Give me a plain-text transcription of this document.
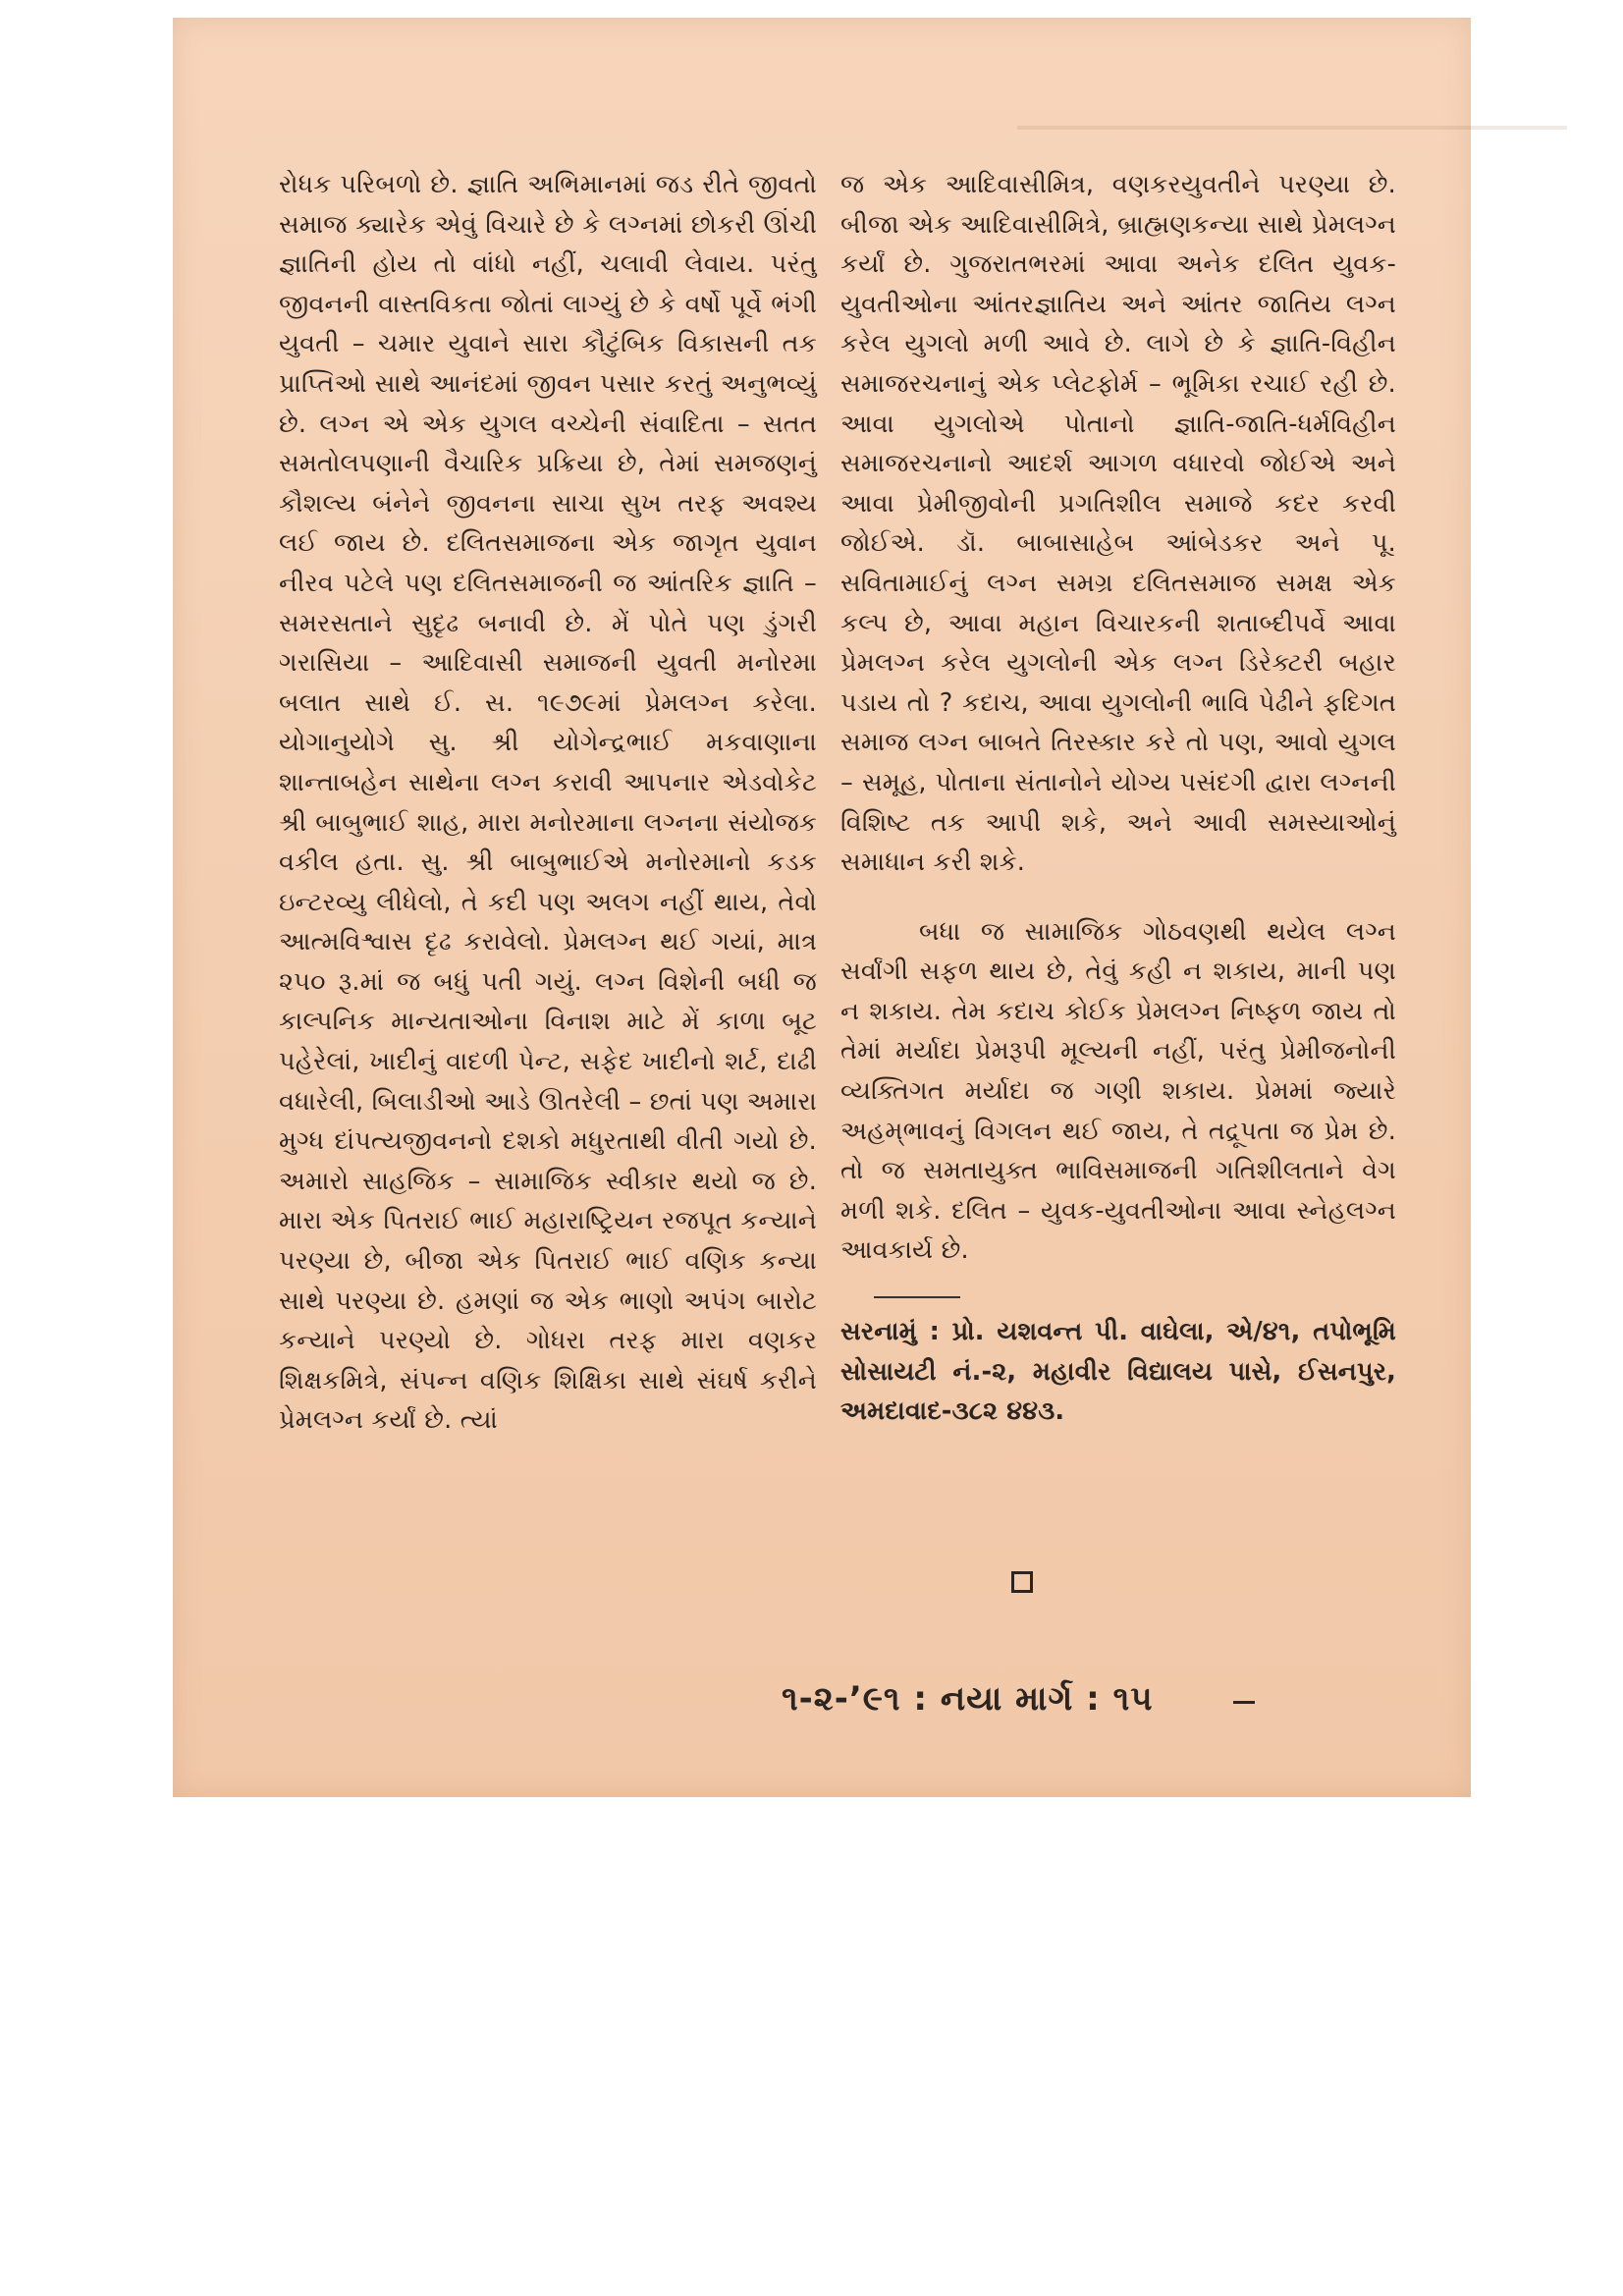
રોધક પરિબળો છે. જ્ઞાતિ અભિમાનમાં જડ રીતે જીવતો સમાજ ક્યારેક એવું વિચારે છે કે લગ્નમાં છોકરી ઊંચી જ્ઞાતિની હોય તો વાંધો નહીં, ચલાવી લેવાય. પરંતુ જીવનની વાસ્તવિકતા જોતાં લાગ્યું છે કે વર્ષો પૂર્વે ભંગી યુવતી – ચમાર યુવાને સારા કૌટુંબિક વિકાસની તક પ્રાપ્તિઓ સાથે આનંદમાં જીવન પસાર કરતું અનુભવ્યું છે. લગ્ન એ એક યુગલ વચ્ચેની સંવાદિતા – સતત સમતોલપણાની વૈચારિક પ્રક્રિયા છે, તેમાં સમજણનું કૌશલ્ય બંનેને જીવનના સાચા સુખ તરફ અવશ્ય લઈ જાય છે. દલિતસમાજના એક જાગૃત યુવાન નીરવ પટેલે પણ દલિતસમાજની જ આંતરિક જ્ઞાતિ – સમરસતાને સુદૃઢ બનાવી છે. મેં પોતે પણ ડુંગરી ગરાસિયા – આદિવાસી સમાજની યુવતી મનોરમા બલાત સાથે ઈ. સ. ૧૯૭૯માં પ્રેમલગ્ન કરેલા. યોગાનુયોગે સુ. શ્રી યોગેન્દ્રભાઈ મકવાણાના શાન્તાબહેન સાથેના લગ્ન કરાવી આપનાર એડવોકેટ શ્રી બાબુભાઈ શાહ, મારા મનોરમાના લગ્નના સંયોજક વકીલ હતા. સુ. શ્રી બાબુભાઈએ મનોરમાનો કડક ઇન્ટરવ્યુ લીધેલો, તે કદી પણ અલગ નહીં થાય, તેવો આત્મવિશ્વાસ દૃઢ કરાવેલો. પ્રેમલગ્ન થઈ ગયાં, માત્ર ૨૫૦ રૂ.માં જ બધું પતી ગયું. લગ્ન વિશેની બધી જ કાલ્પનિક માન્યતાઓના વિનાશ માટે મેં કાળા બૂટ પહેરેલાં, ખાદીનું વાદળી પેન્ટ, સફેદ ખાદીનો શર્ટ, દાઢી વધારેલી, બિલાડીઓ આડે ઊતરેલી – છતાં પણ અમારા મુગ્ધ દાંપત્યજીવનનો દશકો મધુરતાથી વીતી ગયો છે. અમારો સાહજિક – સામાજિક સ્વીકાર થયો જ છે. મારા એક પિતરાઈ ભાઈ મહારાષ્ટ્રિયન રજપૂત કન્યાને પરણ્યા છે, બીજા એક પિતરાઈ ભાઈ વણિક કન્યા સાથે પરણ્યા છે. હમણાં જ એક ભાણો અપંગ બારોટ કન્યાને પરણ્યો છે. ગોધરા તરફ મારા વણકર શિક્ષકમિત્રે, સંપન્ન વણિક શિક્ષિકા સાથે સંઘર્ષ કરીને પ્રેમલગ્ન કર્યાં છે. ત્યાં

જ એક આદિવાસીમિત્ર, વણકરયુવતીને પરણ્યા છે. બીજા એક આદિવાસીમિત્રે, બ્રાહ્મણકન્યા સાથે પ્રેમલગ્ન કર્યાં છે. ગુજરાતભરમાં આવા અનેક દલિત યુવક-યુવતીઓના આંતરજ્ઞાતિય અને આંતર જાતિય લગ્ન કરેલ યુગલો મળી આવે છે. લાગે છે કે જ્ઞાતિ-વિહીન સમાજરચનાનું એક પ્લેટફોર્મ – ભૂમિકા રચાઈ રહી છે. આવા યુગલોએ પોતાનો જ્ઞાતિ-જાતિ-ધર્મવિહીન સમાજરચનાનો આદર્શ આગળ વધારવો જોઈએ અને આવા પ્રેમીજીવોની પ્રગતિશીલ સમાજે કદર કરવી જોઈએ. ડૉ. બાબાસાહેબ આંબેડકર અને પૂ. સવિતામાઈનું લગ્ન સમગ્ર દલિતસમાજ સમક્ષ એક કલ્પ છે, આવા મહાન વિચારકની શતાબ્દીપર્વે આવા પ્રેમલગ્ન કરેલ યુગલોની એક લગ્ન ડિરેક્ટરી બહાર પડાય તો ? કદાચ, આવા યુગલોની ભાવિ પેઢીને ફદિગત સમાજ લગ્ન બાબતે તિરસ્કાર કરે તો પણ, આવો યુગલ – સમૂહ, પોતાના સંતાનોને યોગ્ય પસંદગી દ્વારા લગ્નની વિશિષ્ટ તક આપી શકે, અને આવી સમસ્યાઓનું સમાધાન કરી શકે.

બધા જ સામાજિક ગોઠવણથી થયેલ લગ્ન સર્વાંગી સફળ થાય છે, તેવું કહી ન શકાય, માની પણ ન શકાય. તેમ કદાચ કોઈક પ્રેમલગ્ન નિષ્ફળ જાય તો તેમાં મર્યાદા પ્રેમરૂપી મૂલ્યની નહીં, પરંતુ પ્રેમીજનોની વ્યક્તિગત મર્યાદા જ ગણી શકાય. પ્રેમમાં જ્યારે અહમ્‌ભાવનું વિગલન થઈ જાય, તે તદ્રૂપતા જ પ્રેમ છે. તો જ સમતાયુક્ત ભાવિસમાજની ગતિશીલતાને વેગ મળી શકે. દલિત – યુવક-યુવતીઓના આવા સ્નેહલગ્ન આવકાર્ય છે.

સરનામું : પ્રો. યશવન્ત પી. વાઘેલા, એ/૪૧, તપોભૂમિ સોસાયટી નં.-૨, મહાવીર વિદ્યાલય પાસે, ઈસનપુર, અમદાવાદ-૩૮૨ ૪૪૩.

૧-૨-’૯૧ : નયા માર્ગ : ૧૫
